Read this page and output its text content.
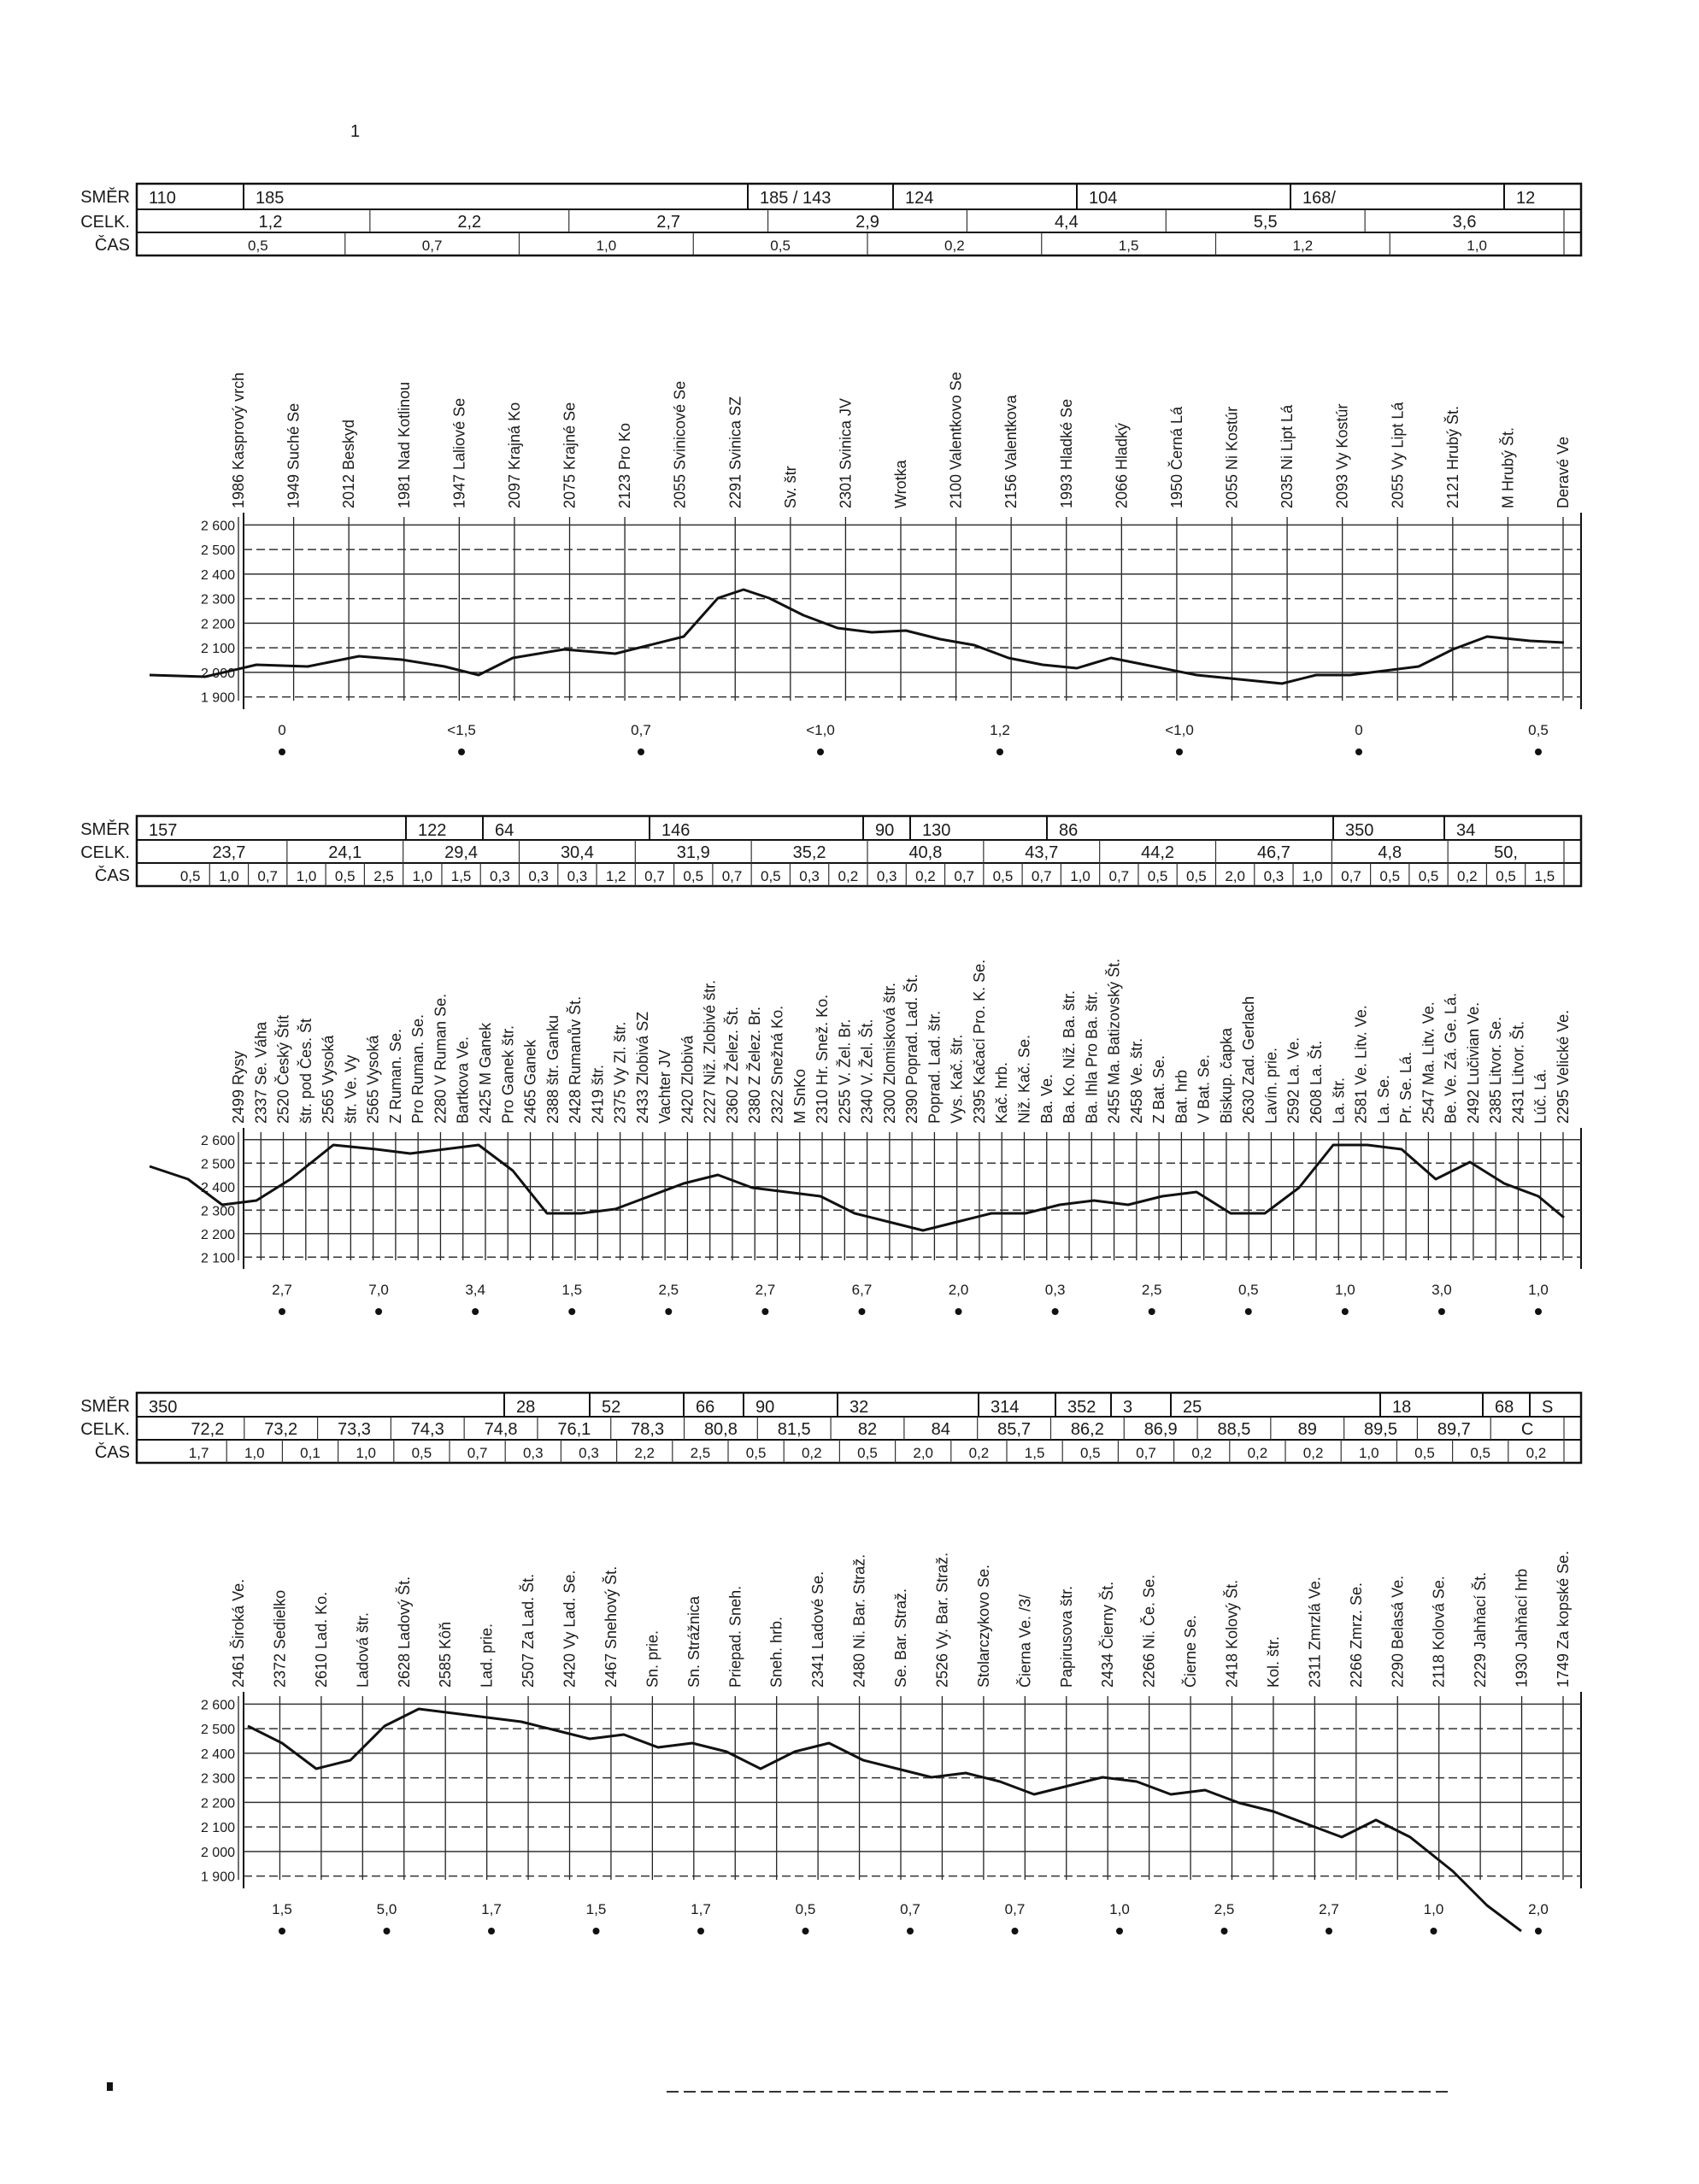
1
SMĚR
CELK.
ČAS
110	185	185 / 143	124	104	168/	12
1,2	2,2	2,7	2,9	4,4	5,5	3,6
0,5	0,7	1,0	0,5	0,2	1,5	1,2	1,0
1986 Kasprový vrch 1949 Suché Se 2012 Beskyd 1981 Nad Kotlinou 1947 Laliové Se 2097 Krajná Ko 2075 Krajné Se 2123 Pro Ko 2055 Svinicové Se 2291 Svinica SZ Sv. štr 2301 Svinica JV Wrotka 2100 Valentkovo Se 2156 Valentkova 1993 Hladké Se 2066 Hladký 1950 Černá Lá 2055 Ni Kostúr 2035 Ni Lipt Lá 2093 Vy Kostúr 2055 Vy Lipt Lá 2121 Hrubý Št. M Hrubý Št. Deravé Ve
2 600
2 500
2 400
2 300
2 200
2 100
2 000
1 900
0	<1,5	0,7	<1,0	1,2	<1,0	0	0,5
SMĚR
CELK.
ČAS
157	122	64	146	90 130	86	350	34
23,7	24,1	29,4	30,4	31,9	35,2	40,8	43,7	44,2	46,7	4,8	50,
0,5 1,0 0,7 1,0 0,5 2,5 1,0 1,5 0,3 0,3 0,3 1,2 0,7 0,5 0,7 0,5 0,3 0,2 0,3 0,2 0,7 0,5 0,7 1,0 0,7 0,5 0,5 2,0 0,3 1,0 0,7 0,5 0,5 0,2 0,5 1,5
2499 Rysy 2337 Se. Váha 2520 Český Štít štr. pod Čes. Št 2565 Vysoká štr. Ve. Vy 2565 Vysoká Z Ruman. Se. Pro Ruman. Se. 2280 V Ruman Se. Bartkova Ve. 2425 M Ganek Pro Ganek štr. 2465 Ganek 2388 štr. Ganku 2428 Rumanův Št. 2419 štr. 2375 Vy Zl. štr. 2433 Zlobivá SZ Vachter JV 2420 Zlobivá 2227 Niž. Zlobivé štr. 2360 Z Želez. Št. 2380 Z Želez. Br. 2322 Snežná Ko. M SnKo 2310 Hr. Snež. Ko. 2255 V. Žel. Br. 2340 V. Žel. Št. 2300 Zlomisková štr. 2390 Poprad. Lad. Št. Poprad. Lad. štr. Vys. Kač. štr. 2395 Kačací Pro. K. Se. Kač. hrb. Niž. Kač. Se. Ba. Ve. Ba. Ko. Niž. Ba. štr. Ba. Ihla Pro Ba. štr. 2455 Ma. Batizovský Št. 2458 Ve. štr. Z Bat. Se. Bat. hrb V Bat. Se. Biskup. čapka 2630 Zad. Gerlach Lavín. prie. 2592 La. Ve. 2608 La. Št. La. štr. 2581 Ve. Litv. Ve. La. Se. Pr. Se. Lá. 2547 Ma. Litv. Ve. Be. Ve. Zá. Ge. Lá. 2492 Lučivian Ve. 2385 Litvor. Se. 2431 Litvor. Št. Lúč. Lá. 2295 Velické Ve.
2 600
2 500
2 400
2 300
2 200
2 100
2,7	7,0	3,4	1,5	2,5	2,7	6,7	2,0	0,3	2,5	0,5	1,0	3,0	1,0
SMĚR
CELK.
ČAS
350	28	52	66 90	32	314	352 3	25	18	68 S
72,2 73,2 73,3 74,3 74,8 76,1 78,3 80,8 81,5	82	84	85,7 86,2 86,9 88,5	89	89,5 89,7	C
1,7 1,0 0,1 1,0 0,5 0,7 0,3 0,3 2,2 2,5 0,5 0,2 0,5 2,0 0,2 1,5 0,5 0,7 0,2 0,2 0,2 1,0 0,5 0,5 0,2
2461 Široká Ve. 2372 Sedielko 2610 Lad. Ko. Ladová štr. 2628 Ladový Št. 2585 Kôň Lad. prie. 2507 Za Lad. Št. 2420 Vy Lad. Se. 2467 Snehový Št. Sn. prie. Sn. Strážnica Priepad. Sneh. Sneh. hrb. 2341 Ladové Se. 2480 Ni. Bar. Straž. Se. Bar. Straž. 2526 Vy. Bar. Straž. Stolarczykovo Se. Čierna Ve. /3/ Papirusova štr. 2434 Čierny Št. 2266 Ni. Če. Se. Čierne Se. 2418 Kolový Št. Kol. štr. 2311 Zmrzlá Ve. 2266 Zmrz. Se. 2290 Belasá Ve. 2118 Kolová Se. 2229 Jahňací Št. 1930 Jahňací hrb 1749 Za kopské Se.
2 600
2 500
2 400
2 300
2 200
2 100
2 000
1 900
1,5	5,0	1,7	1,5	1,7	0,5	0,7	0,7	1,0	2,5	2,7	1,0	2,0
